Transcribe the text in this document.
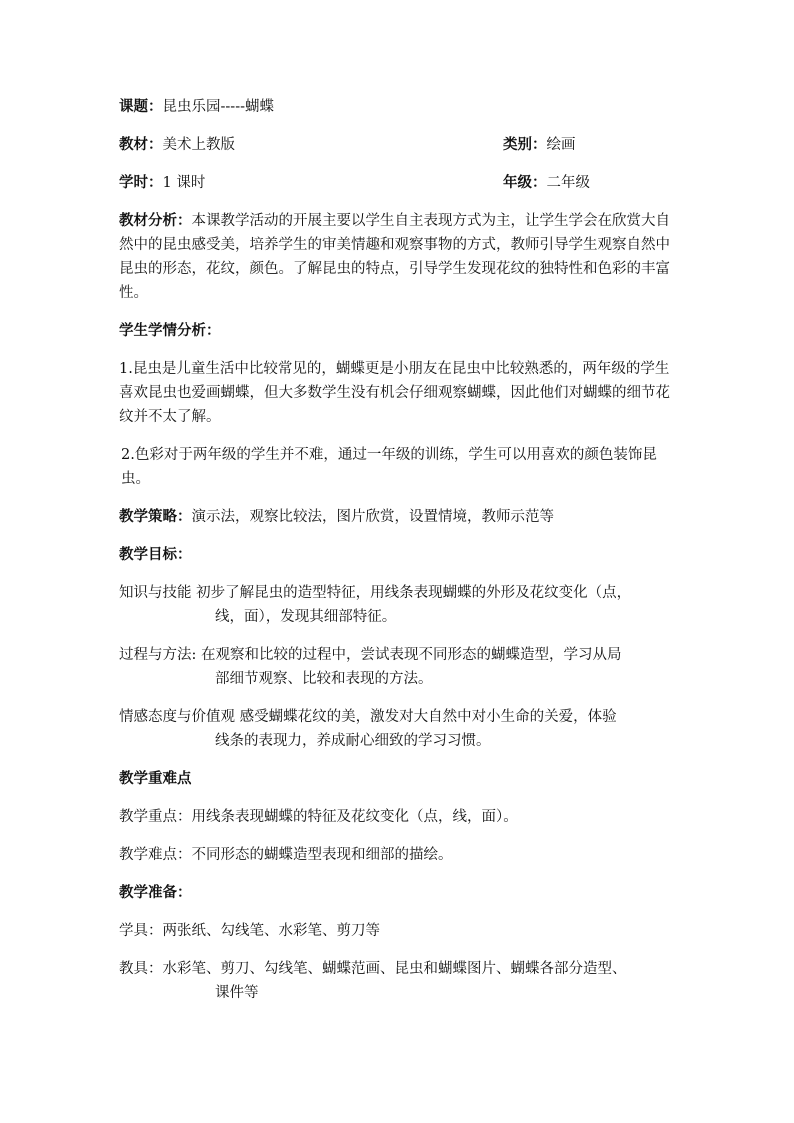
课题：昆虫乐园-----蝴蝶

教材：美术上教版	类别：绘画
学时：1 课时	年级：二年级

教材分析：本课教学活动的开展主要以学生自主表现方式为主，让学生学会在欣赏大自然中的昆虫感受美，培养学生的审美情趣和观察事物的方式，教师引导学生观察自然中昆虫的形态，花纹，颜色。了解昆虫的特点，引导学生发现花纹的独特性和色彩的丰富性。

学生学情分析：

1.昆虫是儿童生活中比较常见的，蝴蝶更是小朋友在昆虫中比较熟悉的，两年级的学生喜欢昆虫也爱画蝴蝶，但大多数学生没有机会仔细观察蝴蝶，因此他们对蝴蝶的细节花纹并不太了解。

2.色彩对于两年级的学生并不难，通过一年级的训练，学生可以用喜欢的颜色装饰昆虫。

教学策略：演示法，观察比较法，图片欣赏，设置情境，教师示范等

教学目标：

知识与技能 初步了解昆虫的造型特征，用线条表现蝴蝶的外形及花纹变化（点，
线，面），发现其细部特征。
过程与方法: 在观察和比较的过程中，尝试表现不同形态的蝴蝶造型，学习从局
部细节观察、比较和表现的方法。
情感态度与价值观 感受蝴蝶花纹的美，激发对大自然中对小生命的关爱，体验
线条的表现力，养成耐心细致的学习习惯。

教学重难点

教学重点：用线条表现蝴蝶的特征及花纹变化（点，线，面）。

教学难点：不同形态的蝴蝶造型表现和细部的描绘。

教学准备：

学具：两张纸、勾线笔、水彩笔、剪刀等

教具：水彩笔、剪刀、勾线笔、蝴蝶范画、昆虫和蝴蝶图片、蝴蝶各部分造型、
课件等
